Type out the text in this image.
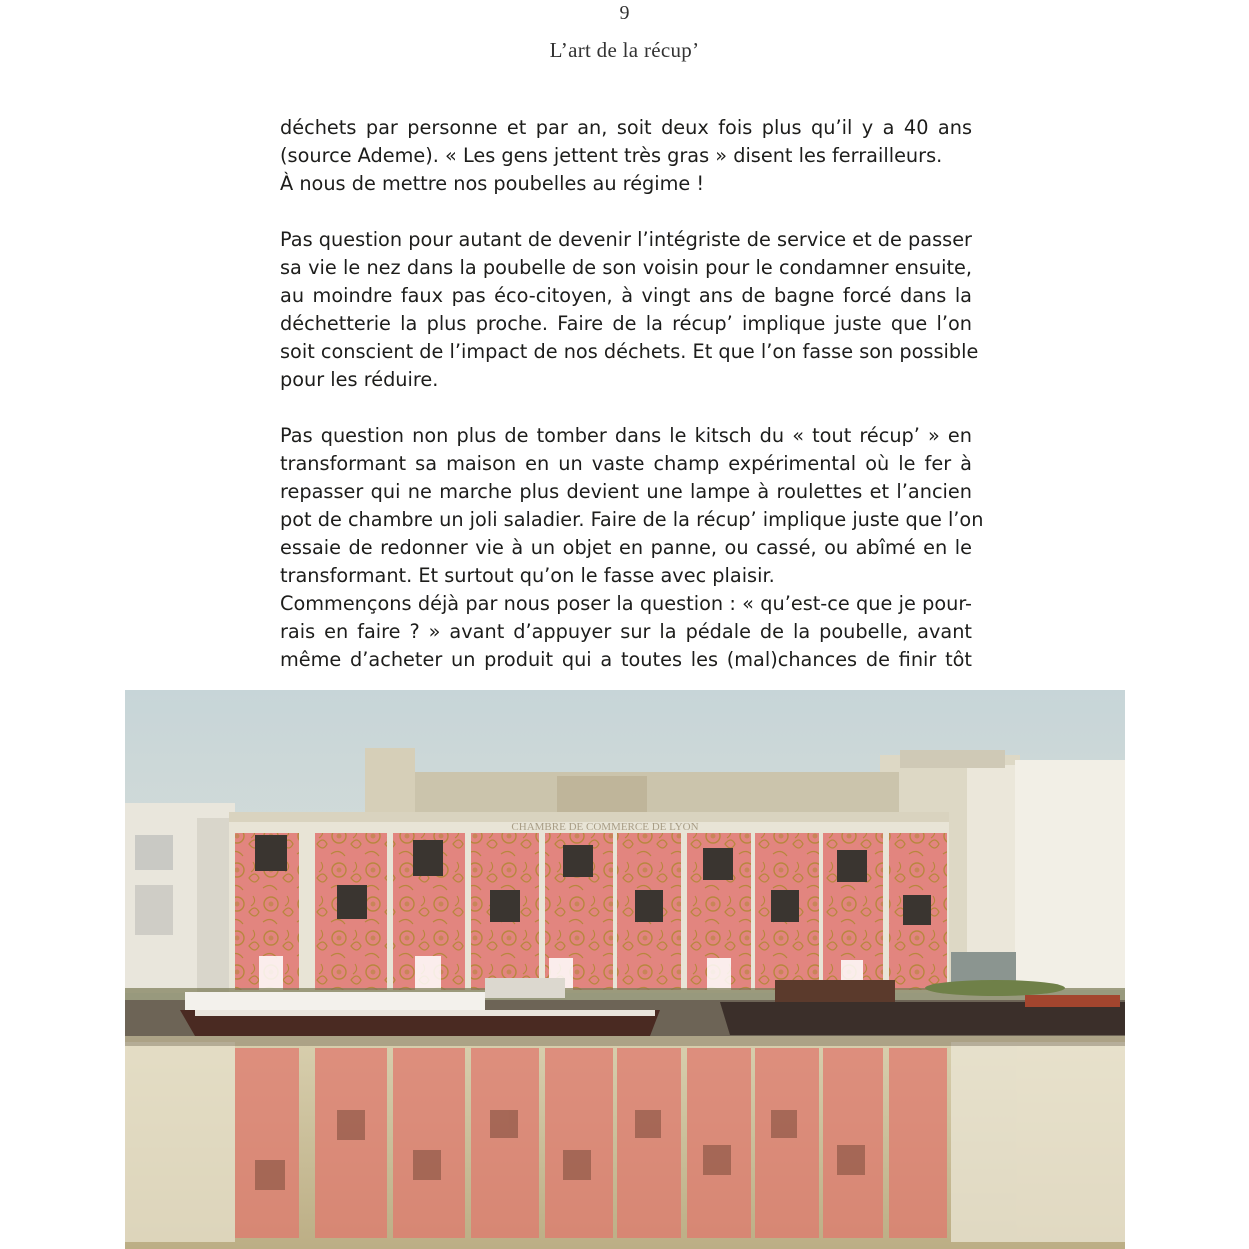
9
L’art de la récup’
déchets par personne et par an, soit deux fois plus qu’il y a 40 ans
(source Ademe). « Les gens jettent très gras » disent les ferrailleurs.
À nous de mettre nos poubelles au régime !
Pas question pour autant de devenir l’intégriste de service et de passer
sa vie le nez dans la poubelle de son voisin pour le condamner ensuite,
au moindre faux pas éco-citoyen, à vingt ans de bagne forcé dans la
déchetterie la plus proche. Faire de la récup’ implique juste que l’on
soit conscient de l’impact de nos déchets. Et que l’on fasse son possible
pour les réduire.
Pas question non plus de tomber dans le kitsch du « tout récup’ » en
transformant sa maison en un vaste champ expérimental où le fer à
repasser qui ne marche plus devient une lampe à roulettes et l’ancien
pot de chambre un joli saladier. Faire de la récup’ implique juste que l’on
essaie de redonner vie à un objet en panne, ou cassé, ou abîmé en le
transformant. Et surtout qu’on le fasse avec plaisir.
Commençons déjà par nous poser la question : « qu’est-ce que je pour-
rais en faire ? » avant d’appuyer sur la pédale de la poubelle, avant
même d’acheter un produit qui a toutes les (mal)chances de finir tôt
CHAMBRE DE COMMERCE DE LYON
